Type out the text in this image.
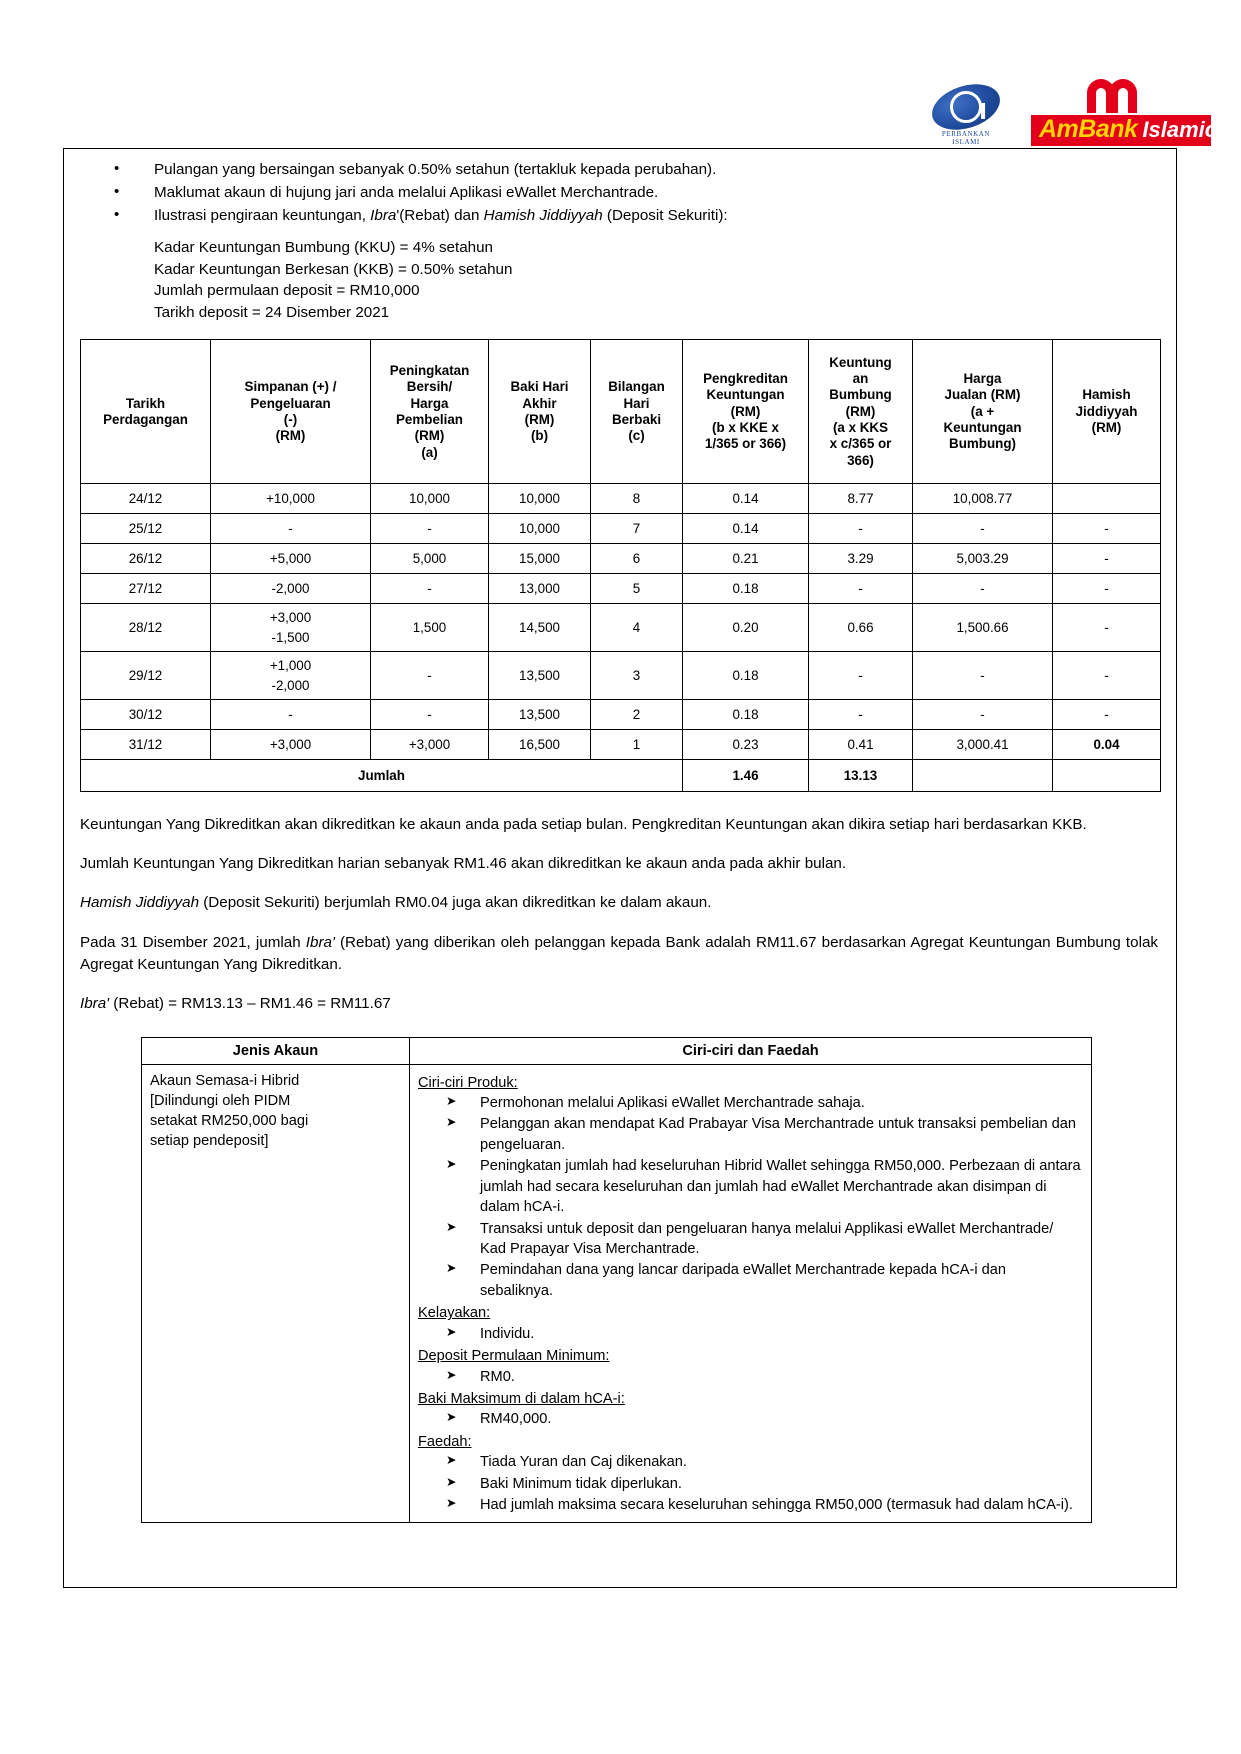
PERBANKAN
ISLAMI	AmBank Islamic
• Pulangan yang bersaingan sebanyak 0.50% setahun (tertakluk kepada perubahan).
• Maklumat akaun di hujung jari anda melalui Aplikasi eWallet Merchantrade.
• Ilustrasi pengiraan keuntungan, Ibra'(Rebat) dan Hamish Jiddiyyah (Deposit Sekuriti):
Kadar Keuntungan Bumbung (KKU) = 4% setahun
Kadar Keuntungan Berkesan (KKB) = 0.50% setahun
Jumlah permulaan deposit = RM10,000
Tarikh deposit = 24 Disember 2021
Tarikh
Perdagangan

Simpanan (+) /
Pengeluaran
(-)
(RM)

Peningkatan
Bersih/
Harga
Pembelian
(RM)
(a)

Baki Hari
Akhir
(RM)
(b)

Bilangan
Hari
Berbaki
(c)

Pengkreditan
Keuntungan
(RM)
(b x KKE x
1/365 or 366)

Keuntung
an
Bumbung
(RM)
(a x KKS
x c/365 or
366)

Harga
Jualan (RM)
(a +
Keuntungan
Bumbung)

Hamish
Jiddiyyah
(RM)

24/12	+10,000	10,000	10,000	8	0.14	8.77	10,008.77	
25/12	-	-	10,000	7	0.14	-	-	-
26/12	+5,000	5,000	15,000	6	0.21	3.29	5,003.29	-
27/12	-2,000	-	13,000	5	0.18	-	-	-
28/12	+3,000
-1,500	1,500	14,500	4	0.20	0.66	1,500.66	-
29/12	+1,000
-2,000	-	13,500	3	0.18	-	-	-
30/12	-	-	13,500	2	0.18	-	-	-
31/12	+3,000	+3,000	16,500	1	0.23	0.41	3,000.41	0.04
Jumlah					1.46	13.13		

Keuntungan Yang Dikreditkan akan dikreditkan ke akaun anda pada setiap bulan. Pengkreditan Keuntungan akan dikira setiap hari berdasarkan KKB.

Jumlah Keuntungan Yang Dikreditkan harian sebanyak RM1.46 akan dikreditkan ke akaun anda pada akhir bulan.

Hamish Jiddiyyah (Deposit Sekuriti) berjumlah RM0.04 juga akan dikreditkan ke dalam akaun.

Pada 31 Disember 2021, jumlah Ibra' (Rebat) yang diberikan oleh pelanggan kepada Bank adalah RM11.67 berdasarkan Agregat Keuntungan Bumbung tolak Agregat Keuntungan Yang Dikreditkan.

Ibra' (Rebat) = RM13.13 – RM1.46 = RM11.67

Jenis Akaun	Ciri-ciri dan Faedah

Akaun Semasa-i Hibrid
[Dilindungi oleh PIDM
setakat RM250,000 bagi
setiap pendeposit]

Ciri-ciri Produk:
➤ Permohonan melalui Aplikasi eWallet Merchantrade sahaja.
➤ Pelanggan akan mendapat Kad Prabayar Visa Merchantrade untuk transaksi pembelian dan pengeluaran.
➤ Peningkatan jumlah had keseluruhan Hibrid Wallet sehingga RM50,000. Perbezaan di antara jumlah had secara keseluruhan dan jumlah had eWallet Merchantrade akan disimpan di dalam hCA-i.
➤ Transaksi untuk deposit dan pengeluaran hanya melalui Applikasi eWallet Merchantrade/ Kad Prapayar Visa Merchantrade.
➤ Pemindahan dana yang lancar daripada eWallet Merchantrade kepada hCA-i dan sebaliknya.
Kelayakan:
➤ Individu.
Deposit Permulaan Minimum:
➤ RM0.
Baki Maksimum di dalam hCA-i:
➤ RM40,000.
Faedah:
➤ Tiada Yuran dan Caj dikenakan.
➤ Baki Minimum tidak diperlukan.
➤ Had jumlah maksima secara keseluruhan sehingga RM50,000 (termasuk had dalam hCA-i).
